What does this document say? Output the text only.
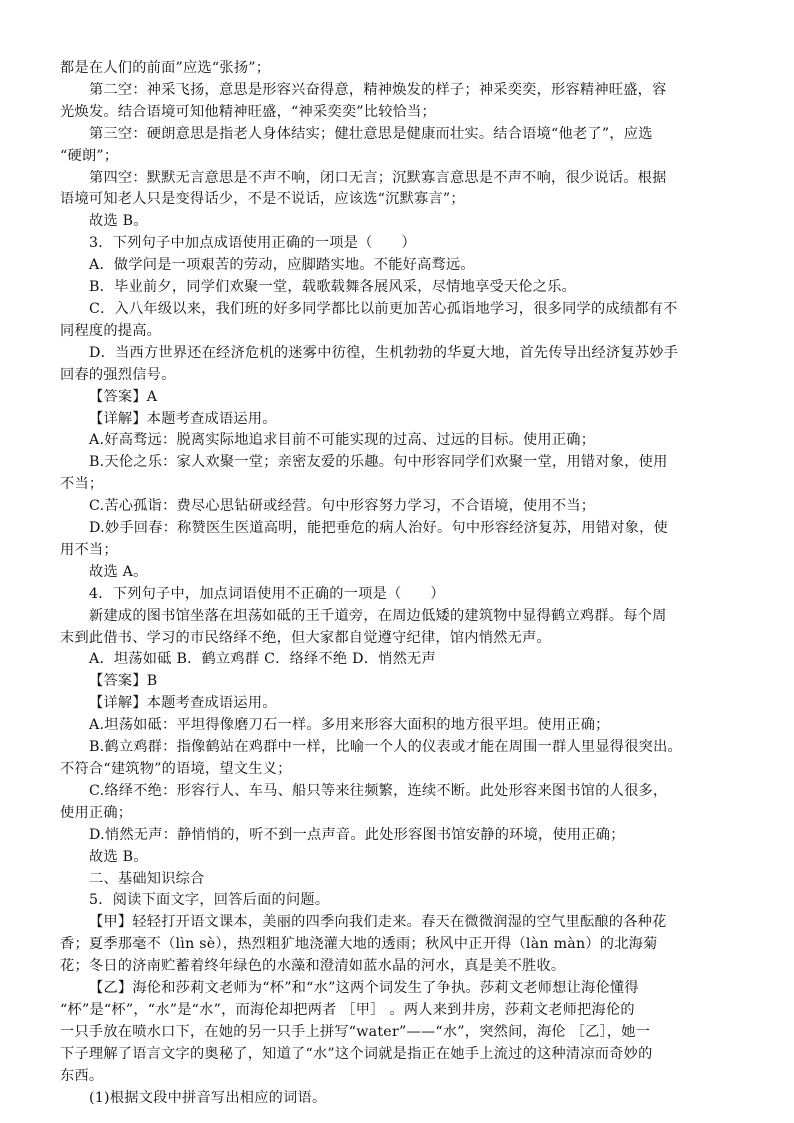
都是在人们的前面”应选“张扬”；
第二空：神采飞扬，意思是形容兴奋得意，精神焕发的样子；神采奕奕，形容精神旺盛，容
光焕发。结合语境可知他精神旺盛，“神采奕奕”比较恰当；
第三空：硬朗意思是指老人身体结实；健壮意思是健康而壮实。结合语境“他老了”，应选
“硬朗”；
第四空：默默无言意思是不声不响，闭口无言；沉默寡言意思是不声不响，很少说话。根据
语境可知老人只是变得话少，不是不说话，应该选“沉默寡言”；
故选 B。
3．下列句子中加点成语使用正确的一项是（　　）
A．做学问是一项艰苦的劳动，应脚踏实地。不能好高骛远。
B．毕业前夕，同学们欢聚一堂，载歌载舞各展风采，尽情地享受天伦之乐。
C．入八年级以来，我们班的好多同学都比以前更加苦心孤诣地学习，很多同学的成绩都有不
同程度的提高。
D．当西方世界还在经济危机的迷雾中彷徨，生机勃勃的华夏大地，首先传导出经济复苏妙手
回春的强烈信号。
【答案】A
【详解】本题考查成语运用。
A.好高骛远：脱离实际地追求目前不可能实现的过高、过远的目标。使用正确；
B.天伦之乐：家人欢聚一堂；亲密友爱的乐趣。句中形容同学们欢聚一堂，用错对象，使用
不当；
C.苦心孤诣：费尽心思钻研或经营。句中形容努力学习，不合语境，使用不当；
D.妙手回春：称赞医生医道高明，能把垂危的病人治好。句中形容经济复苏，用错对象，使
用不当；
故选 A。
4．下列句子中，加点词语使用不正确的一项是（　　）
新建成的图书馆坐落在坦荡如砥的王千道旁，在周边低矮的建筑物中显得鹤立鸡群。每个周
末到此借书、学习的市民络绎不绝，但大家都自觉遵守纪律，馆内悄然无声。
A．坦荡如砥 B．鹤立鸡群 C．络绎不绝 D．悄然无声
【答案】B
【详解】本题考查成语运用。
A.坦荡如砥：平坦得像磨刀石一样。多用来形容大面积的地方很平坦。使用正确；
B.鹤立鸡群：指像鹤站在鸡群中一样，比喻一个人的仪表或才能在周围一群人里显得很突出。
不符合“建筑物”的语境，望文生义；
C.络绎不绝：形容行人、车马、船只等来往频繁，连续不断。此处形容来图书馆的人很多，
使用正确；
D.悄然无声：静悄悄的，听不到一点声音。此处形容图书馆安静的环境，使用正确；
故选 B。
二、基础知识综合
5．阅读下面文字，回答后面的问题。
【甲】轻轻打开语文课本，美丽的四季向我们走来。春天在微微润湿的空气里酝酿的各种花
香；夏季那毫不（lìn sè），热烈粗犷地浇灌大地的透雨；秋风中正开得（làn màn）的北海菊
花；冬日的济南贮蓄着终年绿色的水藻和澄清如蓝水晶的河水，真是美不胜收。
【乙】海伦和莎莉文老师为“杯”和“水”这两个词发生了争执。莎莉文老师想让海伦懂得
“杯”是“杯”，“水”是“水”，而海伦却把两者 ［甲］ 。两人来到井房，莎莉文老师把海伦的
一只手放在喷水口下，在她的另一只手上拼写“water”——“水”，突然间，海伦 ［乙］，她一
下子理解了语言文字的奥秘了，知道了“水”这个词就是指正在她手上流过的这种清凉而奇妙的
东西。
(1)根据文段中拼音写出相应的词语。
